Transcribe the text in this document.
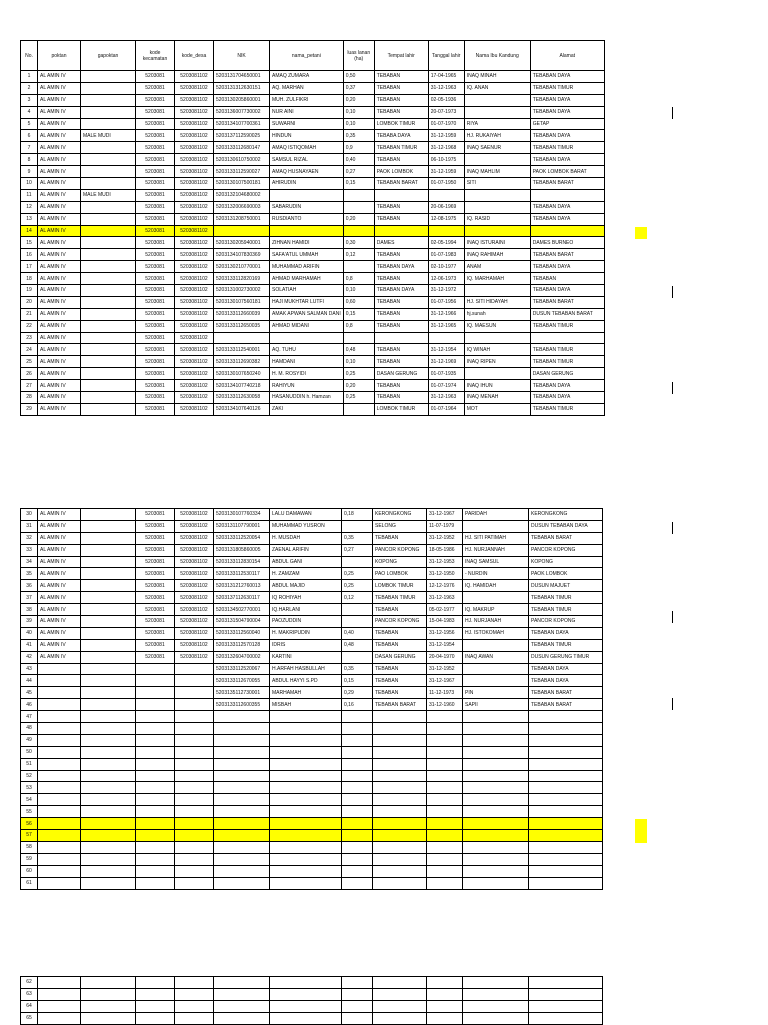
No.	poktan	gapoktan	kode kecamatan	kode_desa	NIK	nama_petani	luas lanan (ha)	Tempat lahir	Tanggal lahir	Nama Ibu Kandung	Alamat
1	AL AMIN IV		5203081	5203081102	5203131704650001	AMAQ ZUMARA	0,50	TEBABAN	17-04-1965	INAQ MINAH	TEBABAN DAYA
2	AL AMIN IV		5203081	5203081102	5203131312630151	AQ. MARHAN	0,37	TEBABAN	31-12-1963	IQ. ANAN	TEBABAN TIMUR
3	AL AMIN IV		5203081	5203081102	5203130205860001	MUH. ZULFIKRI	0,20	TEBABAN	02-05-1936		TEBABAN DAYA
4	AL AMIN IV		5203081	5203081102	5203136007730002	NUR AINI	0,10	TEBABAN	20-07-1973		TEBABAN DAYA
5	AL AMIN IV		5203081	5203081102	5203134107700361	SUWARNI	0,10	LOMBOK TIMUR	01-07-1970	RIYA	GETAP
6	AL AMIN IV	MALE MUDI	5203081	5203081102	5203137112590025	HINDUN	0,35	TEBABA DAYA	31-12-1959	HJ. RUKAIYAH	TEBABAN DAYA
7	AL AMIN IV		5203081	5203081102	5203133112680147	AMAQ ISTIQOMAH	0,9	TEBABAN TIMUR	31-12-1968	INAQ SAENUR	TEBABAN TIMUR
8	AL AMIN IV		5203081	5203081102	5203130610750002	SAMSUL RIZAL	0,40	TEBABAN	06-10-1975		TEBABAN DAYA
9	AL AMIN IV		5203081	5203081102	5203133112590027	AMAQ HUSNAYAEN	0,27	PAOK LOMBOK	31-12-1959	INAQ MAHLIM	PAOK LOMBOK BARAT
10	AL AMIN IV		5203081	5203081102	5203130107500181	AHIRUDIN	0,15	TEBABAN BARAT	01-07-1950	SITI	TEBABAN BARAT
11	AL AMIN IV	MALE MUDI	5203081	5203081102	5203132104680002						
12	AL AMIN IV		5203081	5203081102	5203132006690003	SABARUDIN		TEBABAN	20-06-1969		TEBABAN DAYA
13	AL AMIN IV		5203081	5203081102	5203131208750001	RUSDIANTO	0,20	TEBABAN	12-08-1975	IQ. RASID	TEBABAN DAYA
14	AL AMIN IV		5203081	5203081102							
15	AL AMIN IV		5203081	5203081102	5203130205940001	ZIHNAN HAMIDI	0,30	DAMES	02-05-1994	INAQ ISTURAINI	DAMES BURNEO
16	AL AMIN IV		5203081	5203081102	5203134107830369	SAFA'ATUL UMMAH	0,12	TEBABAN	01-07-1983	INAQ RAHIMAH	TEBABAN BARAT
17	AL AMIN IV		5203081	5203081102	5203130210770001	MUHAMMAD ARIFIN		TEBABAN DAYA	02-10-1977	ANAM	TEBABAN DAYA
18	AL AMIN IV		5203081	5203081102	5203133112820169	AHMAD MARHAMAH	0,8	TEBABAN	12-06-1973	IQ. MARHAMAH	TEBABAN
19	AL AMIN IV		5203081	5203081102	5203131002730002	SOLATIAH	0,10	TEBABAN DAYA	31-12-1972		TEBABAN DAYA
20	AL AMIN IV		5203081	5203081102	5203130107560181	HAJI MUKHTAR LUTFI	0,60	TEBABAN	01-07-1956	HJ. SITI HIDAYAH	TEBABAN BARAT
21	AL AMIN IV		5203081	5203081102	5203133112660039	AMAK APWAN SALMAN DANI	0,15	TEBABAN	31-12-1966	hj.sunah	DUSUN TEBABAN BARAT
22	AL AMIN IV		5203081	5203081102	5203133112650035	AHMAD MIDANI	0,8	TEBABAN	31-12-1965	IQ. MAESUN	TEBABAN TIMUR
23	AL AMIN IV		5203081	5203081102							
24	AL AMIN IV		5203081	5203081102	5203133112540001	AQ. TUHU	0,48	TEBABAN	31-12-1954	IQ WINAH	TEBABAN TIMUR
25	AL AMIN IV		5203081	5203081102	5203133112690382	HAMDANI	0,10	TEBABAN	31-12-1969	INAQ RIPEN	TEBABAN TIMUR
26	AL AMIN IV		5203081	5203081102	5203130107650240	H. M. ROSYIDI	0,25	DASAN GERUNG	01-07-1935		DASAN GERUNG
27	AL AMIN IV		5203081	5203081102	5203134107740218	RAHIYUN	0,20	TEBABAN	01-07-1974	INAQ IHUN	TEBABAN DAYA
28	AL AMIN IV		5203081	5203081102	5203133112630058	HASANUDDIN h. Hamzan	0,25	TEBABAN	31-12-1963	INAQ MENAH	TEBABAN DAYA
29	AL AMIN IV		5203081	5203081102	5203134107640126	ZAKI		LOMBOK TIMUR	01-07-1964	MOT	TEBABAN TIMUR
30	AL AMIN IV		5203081	5203081102	5203130107760334	LALU DAMAWAN	0,18	KERONGKONG	31-12-1967	PARIDAH	KERONGKONG
31	AL AMIN IV		5203081	5203081102	5203131107790001	MUHAMMAD YUSRON		SELONG	11-07-1979		DUSUN TEBABAN DAYA
32	AL AMIN IV		5203081	5203081102	5203133112520054	H. MUSDAH	0,35	TEBABAN	31-12-1952	HJ. SITI PATIMAH	TEBABAN BARAT
33	AL AMIN IV		5203081	5203081102	5203131805860005	ZAENAL ARIFIN	0,27	PANCOR KOPONG	18-05-1986	HJ. NURJANNAH	PANCOR KOPONG
34	AL AMIN IV		5203081	5203081102	5203133112830154	ABDUL GANI		KOPONG	31-12-1953	INAQ SAMSUL	KOPONG
35	AL AMIN IV		5203081	5203081102	5203133112530117	H. ZAMZAM	0,25	PAO LOMBOK	31-12-1950	- NURDIN	PAOK LOMBOK
36	AL AMIN IV		5203081	5203081102	5203131212760013	ABDUL MAJID	0,25	LOMBOK TIMUR	12-12-1976	IQ. HAMIDAH	DUSUN MAJUET
37	AL AMIN IV		5203081	5203081102	5203137112630117	IQ ROHIYAH	0,12	TEBABAN TIMUR	31-12-1963		TEBABAN TIMUR
38	AL AMIN IV		5203081	5203081102	5203134502770001	IQ.HARLANI		TEBABAN	05-02-1977	IQ. MAKRUP	TEBABAN TIMUR
39	AL AMIN IV		5203081	5203081102	5203131504790004	PAOZUDDIN		PANCOR KOPONG	15-04-1983	HJ. NURJANAH	PANCOR KOPONG
40	AL AMIN IV		5203081	5203081102	5203133112560040	H. MAKRIPUDIN	0,40	TEBABAN	31-12-1956	HJ. ISTOKOMAH	TEBABAN DAYA
41	AL AMIN IV		5203081	5203081102	5203133112570128	IDRIS	0,48	TEBABAN	31-12-1954		TEBABAN TIMUR
42	AL AMIN IV		5203081	5203081102	5203132604700002	KARTINI		DASAN GERUNG	20-04-1970	INAQ AWAN	DUSUN GERUNG TIMUR
43					5203133112520067	H.ARFAH HASBULLAH	0,35	TEBABAN	31-12-1952		TEBABAN DAYA
44					5203133112670055	ABDUL HAYYI S.PD	0,15	TEBABAN	31-12-1967		TEBABAN DAYA
45					5203135112730001	MARHAMAH	0,29	TEBABAN	11-12-1973	PIN	TEBABAN BARAT
46					5203133112600355	MISBAH	0,16	TEBABAN BARAT	31-12-1960	SAPII	TEBABAN BARAT
47											
48											
49											
50											
51											
52											
53											
54											
55											
56											
57											
58											
59											
60											
61											
62											
63											
64											
65											
